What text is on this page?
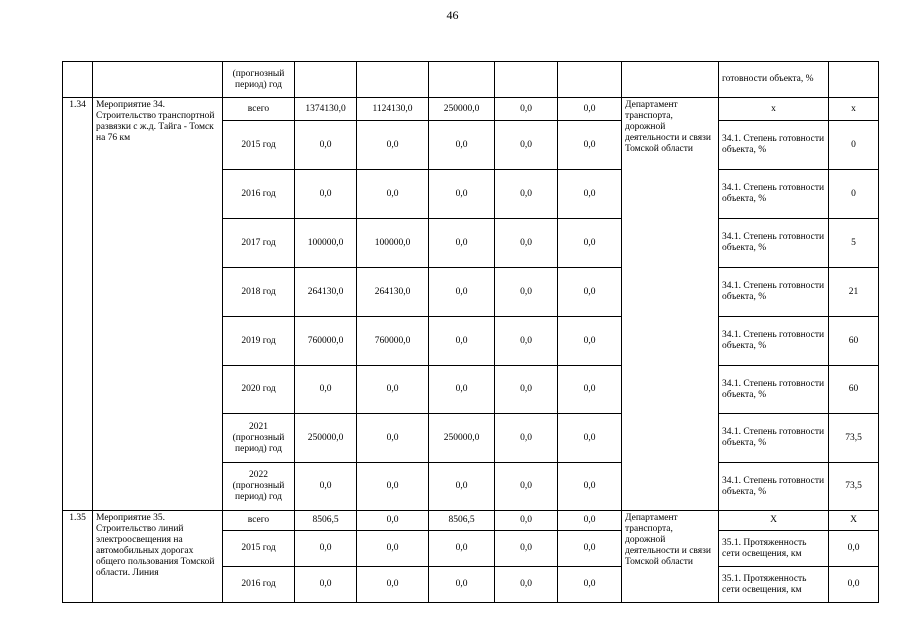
46
		(прогнозный период) год							готовности объекта, %	
1.34	Мероприятие 34. Строительство транспортной развязки с ж.д. Тайга - Томск на 76 км	всего	1374130,0	1124130,0	250000,0	0,0	0,0	Департамент транспорта, дорожной деятельности и связи Томской области	х	х
		2015 год	0,0	0,0	0,0	0,0	0,0		34.1. Степень готовности объекта, %	0
		2016 год	0,0	0,0	0,0	0,0	0,0		34.1. Степень готовности объекта, %	0
		2017 год	100000,0	100000,0	0,0	0,0	0,0		34.1. Степень готовности объекта, %	5
		2018 год	264130,0	264130,0	0,0	0,0	0,0		34.1. Степень готовности объекта, %	21
		2019 год	760000,0	760000,0	0,0	0,0	0,0		34.1. Степень готовности объекта, %	60
		2020 год	0,0	0,0	0,0	0,0	0,0		34.1. Степень готовности объекта, %	60
		2021 (прогнозный период) год	250000,0	0,0	250000,0	0,0	0,0		34.1. Степень готовности объекта, %	73,5
		2022 (прогнозный период) год	0,0	0,0	0,0	0,0	0,0		34.1. Степень готовности объекта, %	73,5
1.35	Мероприятие 35. Строительство линий электроосвещения на автомобильных дорогах общего пользования Томской области. Линия	всего	8506,5	0,0	8506,5	0,0	0,0	Департамент транспорта, дорожной деятельности и связи Томской области	Х	Х
		2015 год	0,0	0,0	0,0	0,0	0,0		35.1. Протяженность сети освещения, км	0,0
		2016 год	0,0	0,0	0,0	0,0	0,0		35.1. Протяженность сети освещения, км	0,0
